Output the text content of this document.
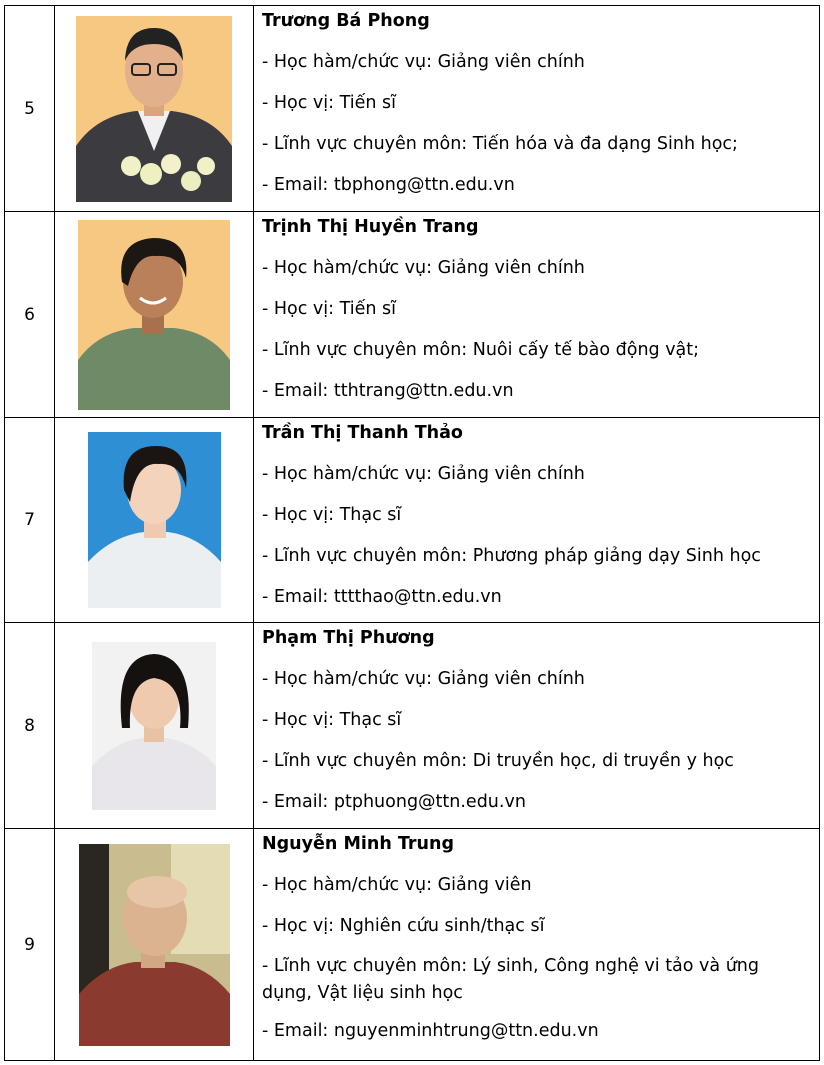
5		Trương Bá Phong
- Học hàm/chức vụ: Giảng viên chính
- Học vị: Tiến sĩ
- Lĩnh vực chuyên môn: Tiến hóa và đa dạng Sinh học;
- Email: tbphong@ttn.edu.vn

6		Trịnh Thị Huyền Trang
- Học hàm/chức vụ: Giảng viên chính
- Học vị: Tiến sĩ
- Lĩnh vực chuyên môn: Nuôi cấy tế bào động vật;
- Email: tthtrang@ttn.edu.vn

7		Trần Thị Thanh Thảo
- Học hàm/chức vụ: Giảng viên chính
- Học vị: Thạc sĩ
- Lĩnh vực chuyên môn: Phương pháp giảng dạy Sinh học
- Email: tttthao@ttn.edu.vn

8		Phạm Thị Phương
- Học hàm/chức vụ: Giảng viên chính
- Học vị: Thạc sĩ
- Lĩnh vực chuyên môn: Di truyền học, di truyền y học
- Email: ptphuong@ttn.edu.vn

9		Nguyễn Minh Trung
- Học hàm/chức vụ: Giảng viên
- Học vị: Nghiên cứu sinh/thạc sĩ
- Lĩnh vực chuyên môn: Lý sinh, Công nghệ vi tảo và ứng dụng, Vật liệu sinh học
- Email: nguyenminhtrung@ttn.edu.vn
